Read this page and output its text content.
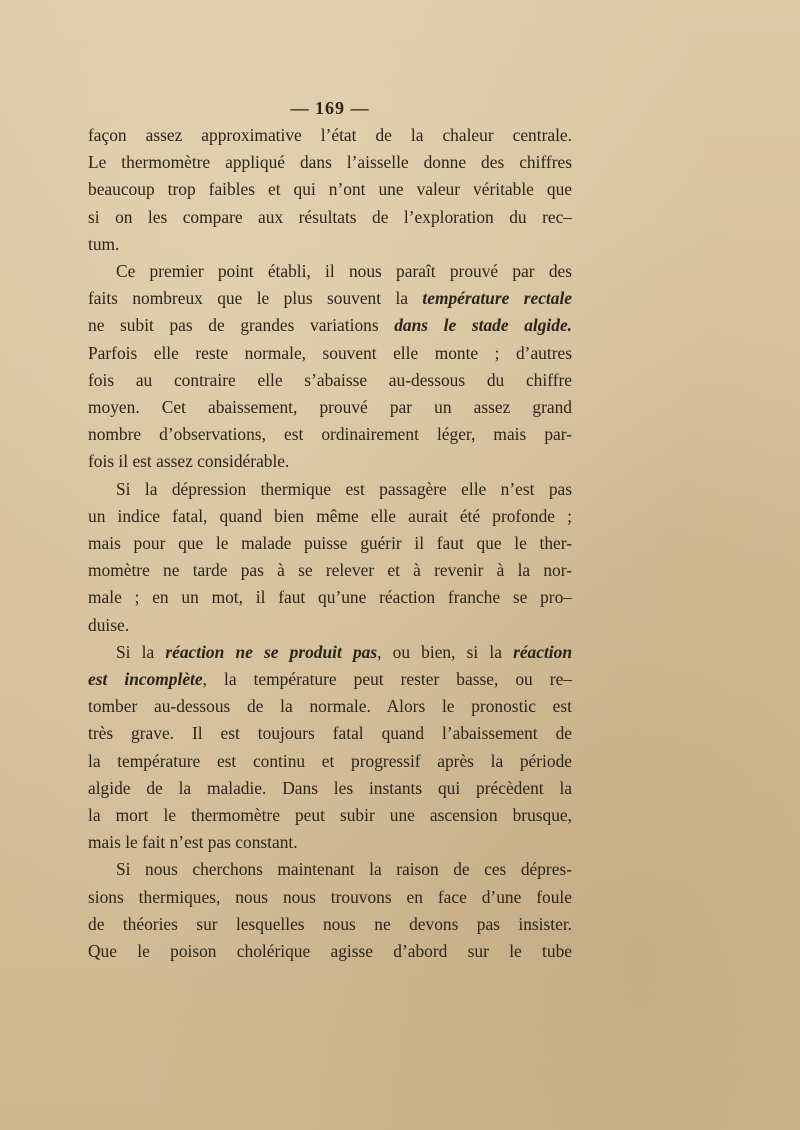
— 169 —
façon assez approximative l’état de la chaleur centrale.
Le thermomètre appliqué dans l’aisselle donne des chiffres
beaucoup trop faibles et qui n’ont une valeur véritable que
si on les compare aux résultats de l’exploration du rec–
tum.
Ce premier point établi, il nous paraît prouvé par des
faits nombreux que le plus souvent la température rectale
ne subit pas de grandes variations dans le stade algide.
Parfois elle reste normale, souvent elle monte ; d’autres
fois au contraire elle s’abaisse au-dessous du chiffre
moyen. Cet abaissement, prouvé par un assez grand
nombre d’observations, est ordinairement léger, mais par-
fois il est assez considérable.
Si la dépression thermique est passagère elle n’est pas
un indice fatal, quand bien même elle aurait été profonde ;
mais pour que le malade puisse guérir il faut que le ther-
momètre ne tarde pas à se relever et à revenir à la nor-
male ; en un mot, il faut qu’une réaction franche se pro–
duise.
Si la réaction ne se produit pas, ou bien, si la réaction
est incomplète, la température peut rester basse, ou re–
tomber au-dessous de la normale. Alors le pronostic est
très grave. Il est toujours fatal quand l’abaissement de
la température est continu et progressif après la période
algide de la maladie. Dans les instants qui précèdent la
la mort le thermomètre peut subir une ascension brusque,
mais le fait n’est pas constant.
Si nous cherchons maintenant la raison de ces dépres-
sions thermiques, nous nous trouvons en face d’une foule
de théories sur lesquelles nous ne devons pas insister.
Que le poison cholérique agisse d’abord sur le tube
